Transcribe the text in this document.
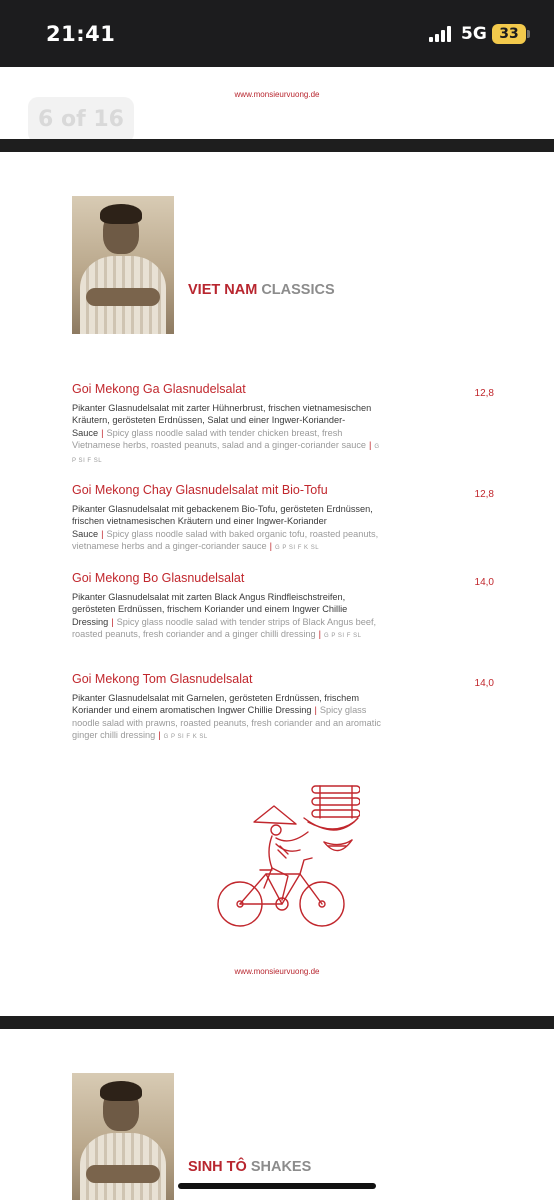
21:41	5G 33
www.monsieurvuong.de
6 of 16
VIET NAM CLASSICS
Goi Mekong Ga Glasnudelsalat	12,8
Pikanter Glasnudelsalat mit zarter Hühnerbrust, frischen vietnamesischen Kräutern, gerösteten Erdnüssen, Salat und einer Ingwer-Koriander-Sauce | Spicy glass noodle salad with tender chicken breast, fresh Vietnamese herbs, roasted peanuts, salad and a ginger-coriander sauce | G P SI F SL
Goi Mekong Chay Glasnudelsalat mit Bio-Tofu	12,8
Pikanter Glasnudelsalat mit gebackenem Bio-Tofu, gerösteten Erdnüssen, frischen vietnamesischen Kräutern und einer Ingwer-Koriander Sauce | Spicy glass noodle salad with baked organic tofu, roasted peanuts, vietnamese herbs and a ginger-coriander sauce | G P SI F K SL
Goi Mekong Bo Glasnudelsalat	14,0
Pikanter Glasnudelsalat mit zarten Black Angus Rindfleischstreifen, gerösteten Erdnüssen, frischem Koriander und einem Ingwer Chillie Dressing | Spicy glass noodle salad with tender strips of Black Angus beef, roasted peanuts, fresh coriander and a ginger chilli dressing | G P SI F SL
Goi Mekong Tom Glasnudelsalat	14,0
Pikanter Glasnudelsalat mit Garnelen, gerösteten Erdnüssen, frischem Koriander und einem aromatischen Ingwer Chillie Dressing | Spicy glass noodle salad with prawns, roasted peanuts, fresh coriander and an aromatic ginger chilli dressing | G P SI F K SL
www.monsieurvuong.de
SINH TÔ SHAKES
